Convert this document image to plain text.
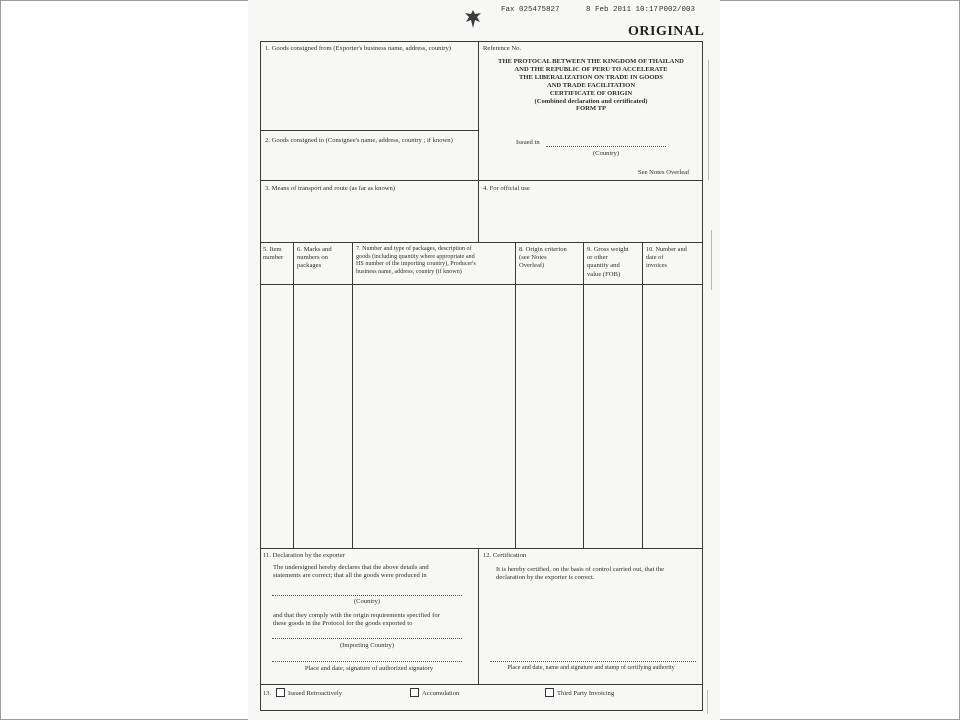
Fax 025475827	8 Feb 2011 10:17 P002/003
ORIGINAL
1. Goods consigned from (Exporter's business name, address, country)
2. Goods consigned to (Consignee's name, address, country ; if known)
3. Means of transport and route (as far as known)	4. For official use
Reference No.
THE PROTOCAL BETWEEN THE KINGDOM OF THAILAND
AND THE REPUBLIC OF PERU TO ACCELERATE
THE LIBERALIZATION ON TRADE IN GOODS
AND TRADE FACILITATION
CERTIFICATE OF ORIGIN
(Combined declaration and certificated)
FORM TP
Issued in
(Country)
See Notes Overleaf
5. Item
number
6. Marks and
numbers on
packages
7. Number and type of packages, description of
goods (including quantity where appropriate and
HS number of the importing country), Producer's
business name, address, country (if known)
8. Origin criterion
(see Notes
Overleaf)
9. Gross weight
or other
quantity and
value (FOB)
10. Number and
date of
invoices
11. Declaration by the exporter
The undersigned hereby declares that the above details and
statements are correct; that all the goods were produced in
(Country)
and that they comply with the origin requirements specified for
these goods in the Protocol for the goods exported to
(Importing Country)
Place and date, signature of authorized signatory
12. Certification
It is hereby certified, on the basis of control carried out, that the
declaration by the exporter is correct.
Place and date, name and signature and stamp of certifying authority
13.	Issued Retroactively	Accumulation	Third Party Invoicing
